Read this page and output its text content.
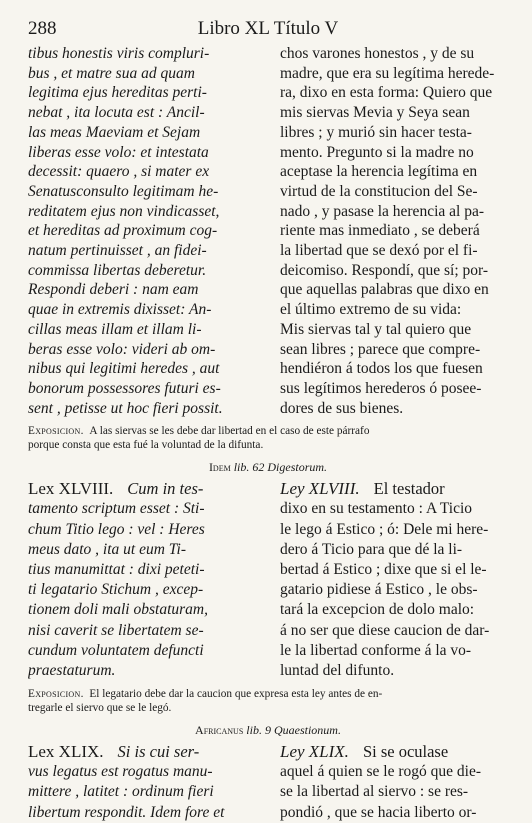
288	Libro XL Título V
tibus honestis viris compluri-
bus , et matre sua ad quam
legitima ejus hereditas perti-
nebat , ita locuta est : Ancil-
las meas Maeviam et Sejam
liberas esse volo: et intestata
decessit: quaero , si mater ex
Senatusconsulto legitimam he-
reditatem ejus non vindicasset,
et hereditas ad proximum cog-
natum pertinuisset , an fidei-
commissa libertas deberetur.
Respondi deberi : nam eam
quae in extremis dixisset: An-
cillas meas illam et illam li-
beras esse volo: videri ab om-
nibus qui legitimi heredes , aut
bonorum possessores futuri es-
sent , petisse ut hoc fieri possit.
chos varones honestos , y de su
madre, que era su legítima herede-
ra, dixo en esta forma: Quiero que
mis siervas Mevia y Seya sean
libres ; y murió sin hacer testa-
mento. Pregunto si la madre no
aceptase la herencia legítima en
virtud de la constitucion del Se-
nado , y pasase la herencia al pa-
riente mas inmediato , se deberá
la libertad que se dexó por el fi-
deicomiso. Respondí, que sí; por-
que aquellas palabras que dixo en
el último extremo de su vida:
Mis siervas tal y tal quiero que
sean libres ; parece que compre-
hendiéron á todos los que fuesen
sus legítimos herederos ó posee-
dores de sus bienes.
Exposicion. A las siervas se les debe dar libertad en el caso de este párrafo
porque consta que esta fué la voluntad de la difunta.
Idem lib. 62 Digestorum.
Lex XLVIII. Cum in tes-
tamento scriptum esset : Sti-
chum Titio lego : vel : Heres
meus dato , ita ut eum Ti-
tius manumittat : dixi peteti-
ti legatario Stichum , excep-
tionem doli mali obstaturam,
nisi caverit se libertatem se-
cundum voluntatem defuncti
praestaturum.
Ley XLVIII. El testador
dixo en su testamento : A Ticio
le lego á Estico ; ó: Dele mi here-
dero á Ticio para que dé la li-
bertad á Estico ; dixe que si el le-
gatario pidiese á Estico , le obs-
tará la excepcion de dolo malo:
á no ser que diese caucion de dar-
le la libertad conforme á la vo-
luntad del difunto.
Exposicion. El legatario debe dar la caucion que expresa esta ley antes de en-
tregarle el siervo que se le legó.
Africanus lib. 9 Quaestionum.
Lex XLIX. Si is cui ser-
vus legatus est rogatus manu-
mittere , latitet : ordinum fieri
libertum respondit. Idem fore et
Ley XLIX. Si se oculase
aquel á quien se le rogó que die-
se la libertad al siervo : se res-
pondió , que se hacia liberto or-
